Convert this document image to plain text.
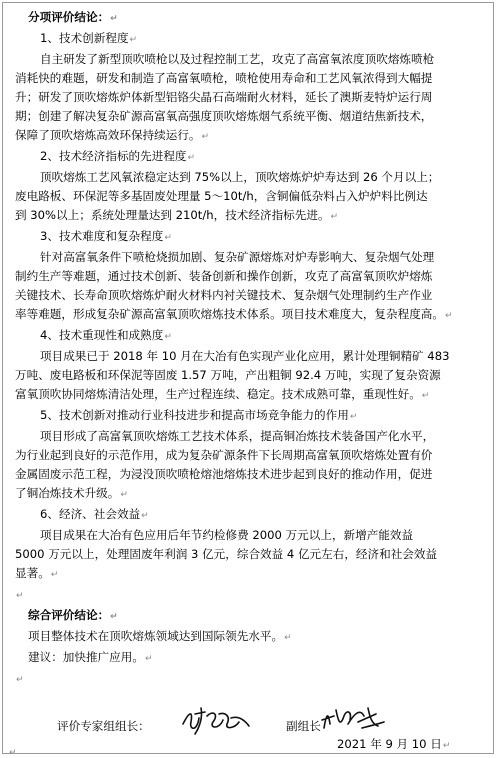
分项评价结论：↵
1、技术创新程度↵
自主研发了新型顶吹喷枪以及过程控制工艺，攻克了高富氧浓度顶吹熔炼喷枪
消耗快的难题，研发和制造了高富氧喷枪，喷枪使用寿命和工艺风氧浓得到大幅提
升；研发了顶吹熔炼炉体新型铝铬尖晶石高端耐火材料，延长了澳斯麦特炉运行周
期；创建了解决复杂矿源高富氧高强度顶吹熔炼烟气系统平衡、烟道结焦新技术，
保障了顶吹熔炼高效环保持续运行。↵
2、技术经济指标的先进程度↵
顶吹熔炼工艺风氧浓稳定达到 75%以上，顶吹熔炼炉炉寿达到 26 个月以上；
废电路板、环保泥等多基固废处理量 5～10t/h，含铜偏低杂料占入炉炉料比例达
到 30%以上；系统处理量达到 210t/h，技术经济指标先进。↵
3、技术难度和复杂程度↵
针对高富氧条件下喷枪烧损加剧、复杂矿源熔炼对炉寿影响大、复杂烟气处理
制约生产等难题，通过技术创新、装备创新和操作创新，攻克了高富氧顶吹炉熔炼
关键技术、长寿命顶吹熔炼炉耐火材料内衬关键技术、复杂烟气处理制约生产作业
率等难题，形成复杂矿源高富氧顶吹熔炼技术体系。项目技术难度大，复杂程度高。↵
4、技术重现性和成熟度↵
项目成果已于 2018 年 10 月在大冶有色实现产业化应用，累计处理铜精矿 483
万吨、废电路板和环保泥等固废 1.57 万吨，产出粗铜 92.4 万吨，实现了复杂资源
富氧顶吹协同熔炼清洁处理，生产过程连续、稳定。技术成熟可靠，重现性好。↵
5、技术创新对推动行业科技进步和提高市场竞争能力的作用↵
项目形成了高富氧顶吹熔炼工艺技术体系，提高铜冶炼技术装备国产化水平，
为行业起到良好的示范作用，成为复杂矿源条件下长周期高富氧顶吹熔炼处置有价
金属固废示范工程，为浸没顶吹喷枪熔池熔炼技术进步起到良好的推动作用，促进
了铜冶炼技术升级。↵
6、经济、社会效益↵
项目成果在大冶有色应用后年节约检修费 2000 万元以上，新增产能效益
5000 万元以上，处理固废年利润 3 亿元，综合效益 4 亿元左右，经济和社会效益
显著。↵
↵
综合评价结论：↵
项目整体技术在顶吹熔炼领域达到国际领先水平。↵
建议：加快推广应用。↵
↵
评价专家组组长：	副组长
2021 年 9 月 10 日↵
↵
